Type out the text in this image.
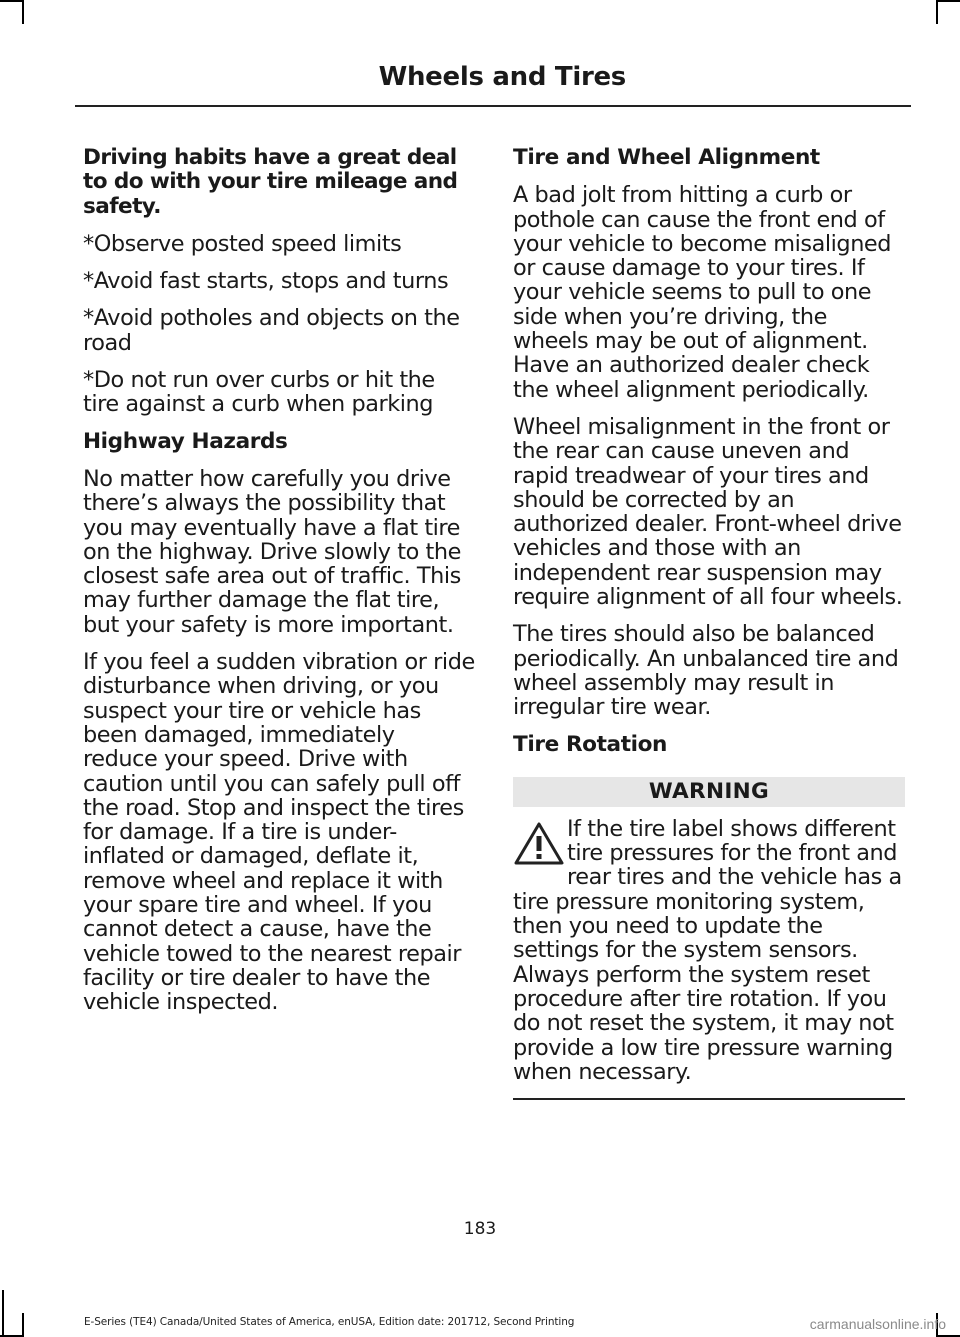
Wheels and Tires

Driving habits have a great deal to do with your tire mileage and safety.

*Observe posted speed limits

*Avoid fast starts, stops and turns

*Avoid potholes and objects on the road

*Do not run over curbs or hit the tire against a curb when parking

Highway Hazards

No matter how carefully you drive there’s always the possibility that you may eventually have a flat tire on the highway. Drive slowly to the closest safe area out of traffic. This may further damage the flat tire, but your safety is more important.

If you feel a sudden vibration or ride disturbance when driving, or you suspect your tire or vehicle has been damaged, immediately reduce your speed. Drive with caution until you can safely pull off the road. Stop and inspect the tires for damage. If a tire is under-inflated or damaged, deflate it, remove wheel and replace it with your spare tire and wheel. If you cannot detect a cause, have the vehicle towed to the nearest repair facility or tire dealer to have the vehicle inspected.

Tire and Wheel Alignment

A bad jolt from hitting a curb or pothole can cause the front end of your vehicle to become misaligned or cause damage to your tires. If your vehicle seems to pull to one side when you’re driving, the wheels may be out of alignment. Have an authorized dealer check the wheel alignment periodically.

Wheel misalignment in the front or the rear can cause uneven and rapid treadwear of your tires and should be corrected by an authorized dealer. Front-wheel drive vehicles and those with an independent rear suspension may require alignment of all four wheels.

The tires should also be balanced periodically. An unbalanced tire and wheel assembly may result in irregular tire wear.

Tire Rotation
WARNING
If the tire label shows different tire pressures for the front and rear tires and the vehicle has a tire pressure monitoring system, then you need to update the settings for the system sensors. Always perform the system reset procedure after tire rotation. If you do not reset the system, it may not provide a low tire pressure warning when necessary.
183
E-Series (TE4) Canada/United States of America, enUSA, Edition date: 201712, Second Printing	carmanualsonline.info
